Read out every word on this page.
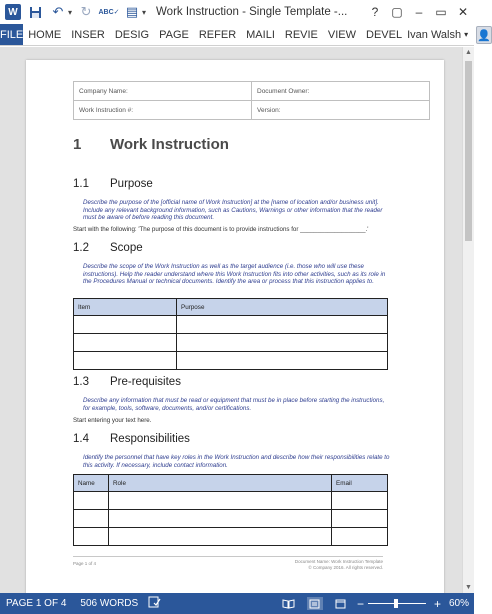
W	↶ ▾ ↻	ABC✓ ▤ ▾ Work Instruction - Single Template -...	?	▢	–	▭ ✕
FILE HOME INSER DESIG PAGE REFER MAILI REVIE VIEW DEVEL Ivan Walsh ▾ 👤
Company Name:	Document Owner:
Work Instruction #:	Version:
1 Work Instruction
1.1 Purpose
Describe the purpose of the [official name of Work Instruction] at the [name of location and/or business unit]. Include any relevant background information, such as Cautions, Warnings or other information that the reader must be aware of before reading this document.
Start with the following: 'The purpose of this document is to provide instructions for ___________________.'
1.2 Scope
Describe the scope of the Work Instruction as well as the target audience (i.e. those who will use these instructions). Help the reader understand where this Work Instruction fits into other activities, such as its role in the Procedures Manual or technical documents. Identify the area or process that this instruction applies to.
Item	Purpose

1.3 Pre-requisites
Describe any information that must be read or equipment that must be in place before starting the instructions, for example, tools, software, documents, and/or certifications.
Start entering your text here.
1.4 Responsibilities
Identify the personnel that have key roles in the Work Instruction and describe how their responsibilities relate to this activity. If necessary, include contact information.
Name	Role	Email

Page 1 of 4	Document Name: Work Instruction Template
© Company 2016. All rights reserved.
▲
▼
PAGE 1 OF 4 506 WORDS	−	+ 60%
